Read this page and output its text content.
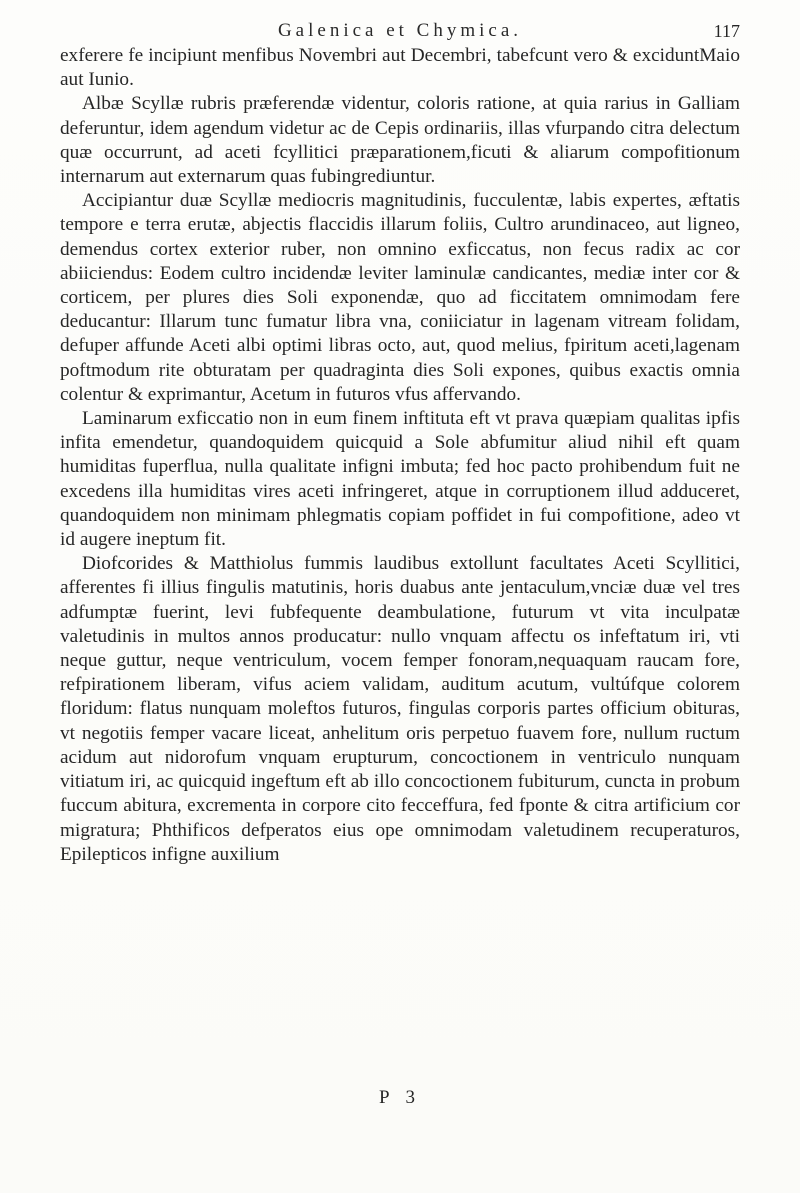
Galenica et Chymica.	117

exferere fe incipiunt menfibus Novembri aut Decembri, tabefcunt vero & exciduntMaio aut Iunio.

Albæ Scyllæ rubris præferendæ videntur, coloris ratione, at quia rarius in Galliam deferuntur, idem agendum videtur ac de Cepis ordinariis, illas vfurpando citra delectum quæ occurrunt, ad aceti fcyllitici præparationem,ficuti & aliarum compofitionum internarum aut externarum quas fubingrediuntur.

Accipiantur duæ Scyllæ mediocris magnitudinis, fucculentæ, labis expertes, æftatis tempore e terra erutæ, abjectis flaccidis illarum foliis, Cultro arundinaceo, aut ligneo, demendus cortex exterior ruber, non omnino exficcatus, non fecus radix ac cor abiiciendus: Eodem cultro incidendæ leviter laminulæ candicantes, mediæ inter cor & corticem, per plures dies Soli exponendæ, quo ad ficcitatem omnimodam fere deducantur: Illarum tunc fumatur libra vna, coniiciatur in lagenam vitream folidam, defuper affunde Aceti albi optimi libras octo, aut, quod melius, fpiritum aceti,lagenam poftmodum rite obturatam per quadraginta dies Soli expones, quibus exactis omnia colentur & exprimantur, Acetum in futuros vfus affervando.

Laminarum exficcatio non in eum finem inftituta eft vt prava quæpiam qualitas ipfis infita emendetur, quandoquidem quicquid a Sole abfumitur aliud nihil eft quam humiditas fuperflua, nulla qualitate infigni imbuta; fed hoc pacto prohibendum fuit ne excedens illa humiditas vires aceti infringeret, atque in corruptionem illud adduceret, quandoquidem non minimam phlegmatis copiam poffidet in fui compofitione, adeo vt id augere ineptum fit.

Diofcorides & Matthiolus fummis laudibus extollunt facultates Aceti Scyllitici, afferentes fi illius fingulis matutinis, horis duabus ante jentaculum,vnciæ duæ vel tres adfumptæ fuerint, levi fubfequente deambulatione, futurum vt vita inculpatæ valetudinis in multos annos producatur: nullo vnquam affectu os infeftatum iri, vti neque guttur, neque ventriculum, vocem femper fonoram,nequaquam raucam fore, refpirationem liberam, vifus aciem validam, auditum acutum, vultúfque colorem floridum: flatus nunquam moleftos futuros, fingulas corporis partes officium obituras, vt negotiis femper vacare liceat, anhelitum oris perpetuo fuavem fore, nullum ructum acidum aut nidorofum vnquam erupturum, concoctionem in ventriculo nunquam vitiatum iri, ac quicquid ingeftum eft ab illo concoctionem fubiturum, cuncta in probum fuccum abitura, excrementa in corpore cito fecceffura, fed fponte & citra artificium cor migratura; Phthificos defperatos eius ope omnimodam valetudinem recuperaturos, Epilepticos infigne auxilium

P 3
